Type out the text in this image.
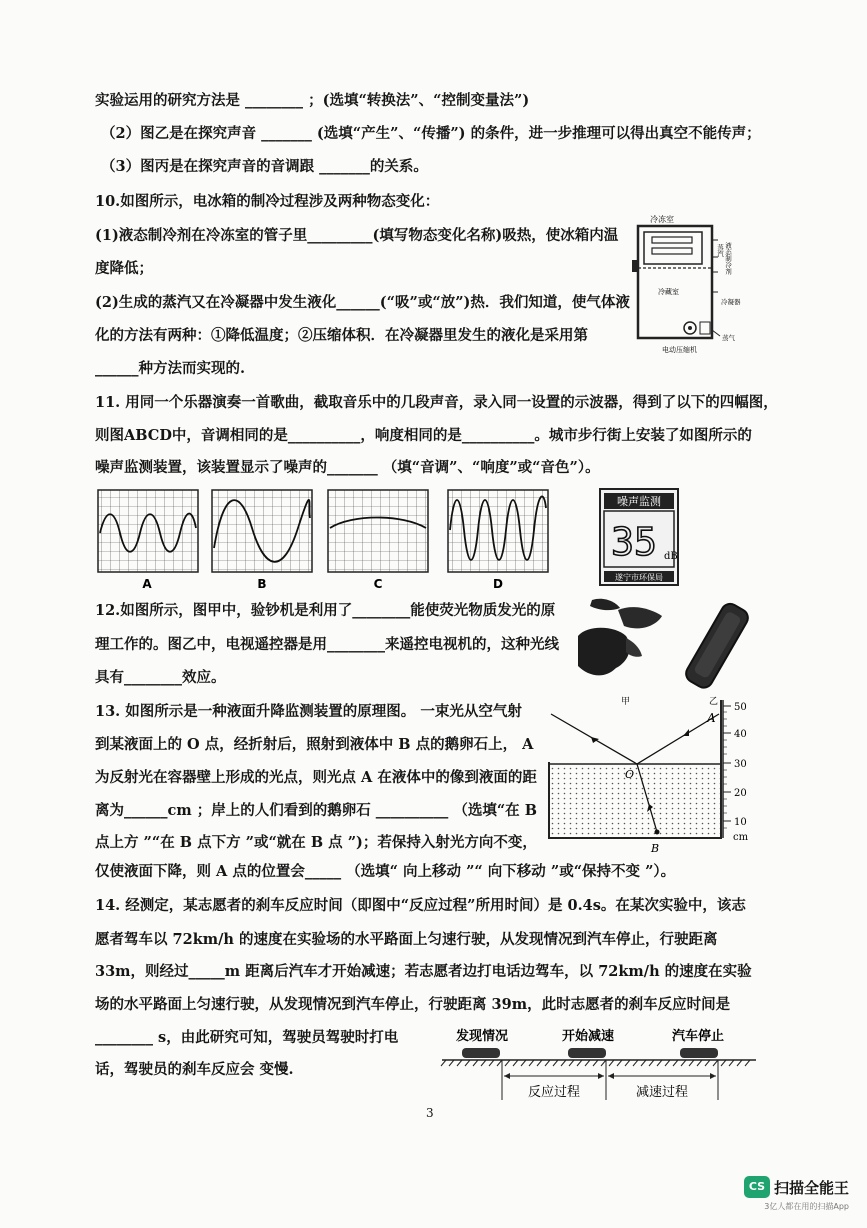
实验运用的研究方法是 ________ ；(选填“转换法”、“控制变量法”)
（2）图乙是在探究声音 _______ (选填“产生”、“传播”) 的条件，进一步推理可以得出真空不能传声；
（3）图丙是在探究声音的音调跟 _______的关系。
10.如图所示，电冰箱的制冷过程涉及两种物态变化：
(1)液态制冷剂在冷冻室的管子里_________(填写物态变化名称)吸热，使冰箱内温
度降低；
(2)生成的蒸汽又在冷凝器中发生液化______(“吸”或“放”)热．我们知道，使气体液
化的方法有两种：①降低温度；②压缩体积．在冷凝器里发生的液化是采用第
______种方法而实现的.
11. 用同一个乐器演奏一首歌曲，截取音乐中的几段声音，录入同一设置的示波器，得到了以下的四幅图，
则图ABCD中，音调相同的是__________，响度相同的是__________。城市步行街上安装了如图所示的
噪声监测装置，该装置显示了噪声的_______ （填“音调”、“响度”或“音色”）。
12.如图所示，图甲中，验钞机是利用了________能使荧光物质发光的原
理工作的。图乙中，电视遥控器是用________来遥控电视机的，这种光线
具有________效应。
13. 如图所示是一种液面升降监测装置的原理图。 一束光从空气射
到某液面上的 O 点，经折射后，照射到液体中 B 点的鹅卵石上， A
为反射光在容器壁上形成的光点，则光点 A 在液体中的像到液面的距
离为______cm ；岸上的人们看到的鹅卵石 __________ （选填“在 B
点上方 ”“在 B 点下方 ”或“就在 B 点 ”)；若保持入射光方向不变，
仅使液面下降，则 A 点的位置会_____ （选填“ 向上移动 ”“ 向下移动 ”或“保持不变 ”）。
14. 经测定，某志愿者的刹车反应时间（即图中“反应过程”所用时间）是 0.4s。在某次实验中，该志
愿者驾车以 72km/h 的速度在实验场的水平路面上匀速行驶，从发现情况到汽车停止，行驶距离
33m，则经过_____m 距离后汽车才开始减速；若志愿者边打电话边驾车，以 72km/h 的速度在实验
场的水平路面上匀速行驶，从发现情况到汽车停止，行驶距离 39m，此时志愿者的刹车反应时间是
________ s，由此研究可知，驾驶员驾驶时打电
话，驾驶员的刹车反应会 变慢.
冷冻室
冷藏室
蒸汽 液态制冷剂
冷凝器
蒸气
电动压缩机
A	B	C	D
噪声监测
35 dB
遂宁市环保局
甲	乙 50
40
30
20
10
cm
O
A
B
发现情况	开始减速	汽车停止
反应过程	减速过程
3
CS 扫描全能王
3亿人都在用的扫描App
